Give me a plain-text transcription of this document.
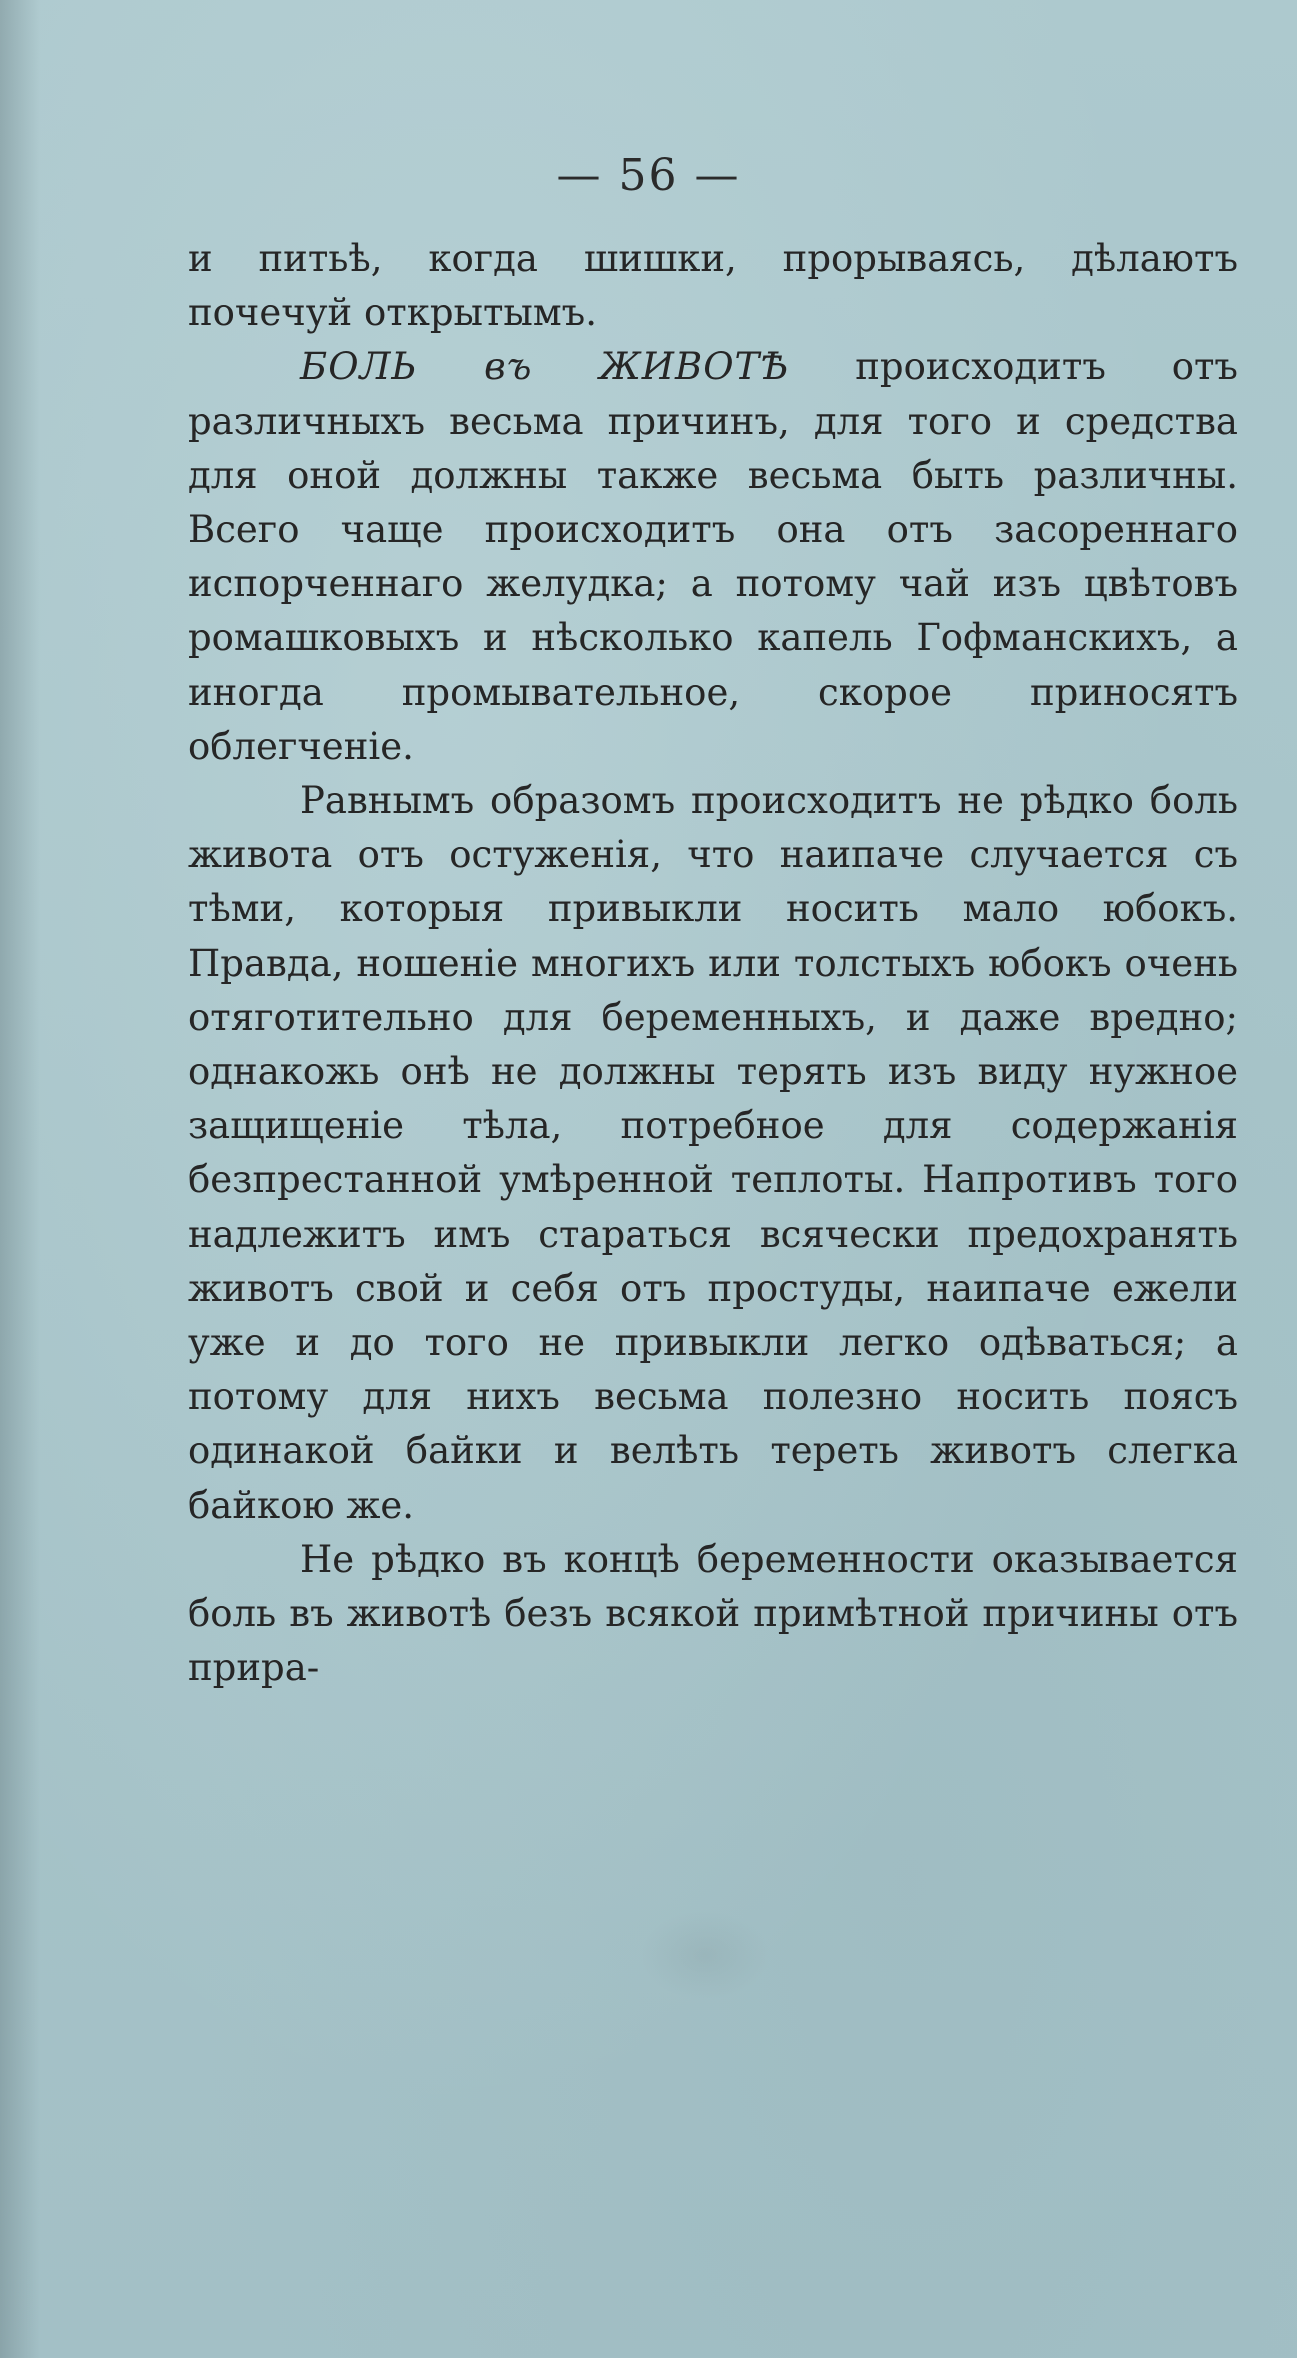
— 56 —

и питьѣ, когда шишки, прорываясь, дѣлаютъ почечуй открытымъ.

БОЛЬ въ ЖИВОТѢ происходитъ отъ различныхъ весьма причинъ, для того и средства для оной должны также весьма быть различны. Всего чаще происходитъ она отъ засореннаго испорченнаго желудка; а потому чай изъ цвѣтовъ ромашковыхъ и нѣсколько капель Гофманскихъ, а иногда промывательное, скорое приносятъ облегченіе.

Равнымъ образомъ происходитъ не рѣдко боль живота отъ остуженія, что наипаче случается съ тѣми, которыя привыкли носить мало юбокъ. Правда, ношеніе многихъ или толстыхъ юбокъ очень отяготительно для беременныхъ, и даже вредно; однакожь онѣ не должны терять изъ виду нужное защищеніе тѣла, потребное для содержанія безпрестанной умѣренной теплоты. Напротивъ того надлежитъ имъ стараться всячески предохранять животъ свой и себя отъ простуды, наипаче ежели уже и до того не привыкли легко одѣваться; а потому для нихъ весьма полезно носить поясъ одинакой байки и велѣть тереть животъ слегка байкою же.

Не рѣдко въ концѣ беременности оказывается боль въ животѣ безъ всякой примѣтной причины отъ прира-
